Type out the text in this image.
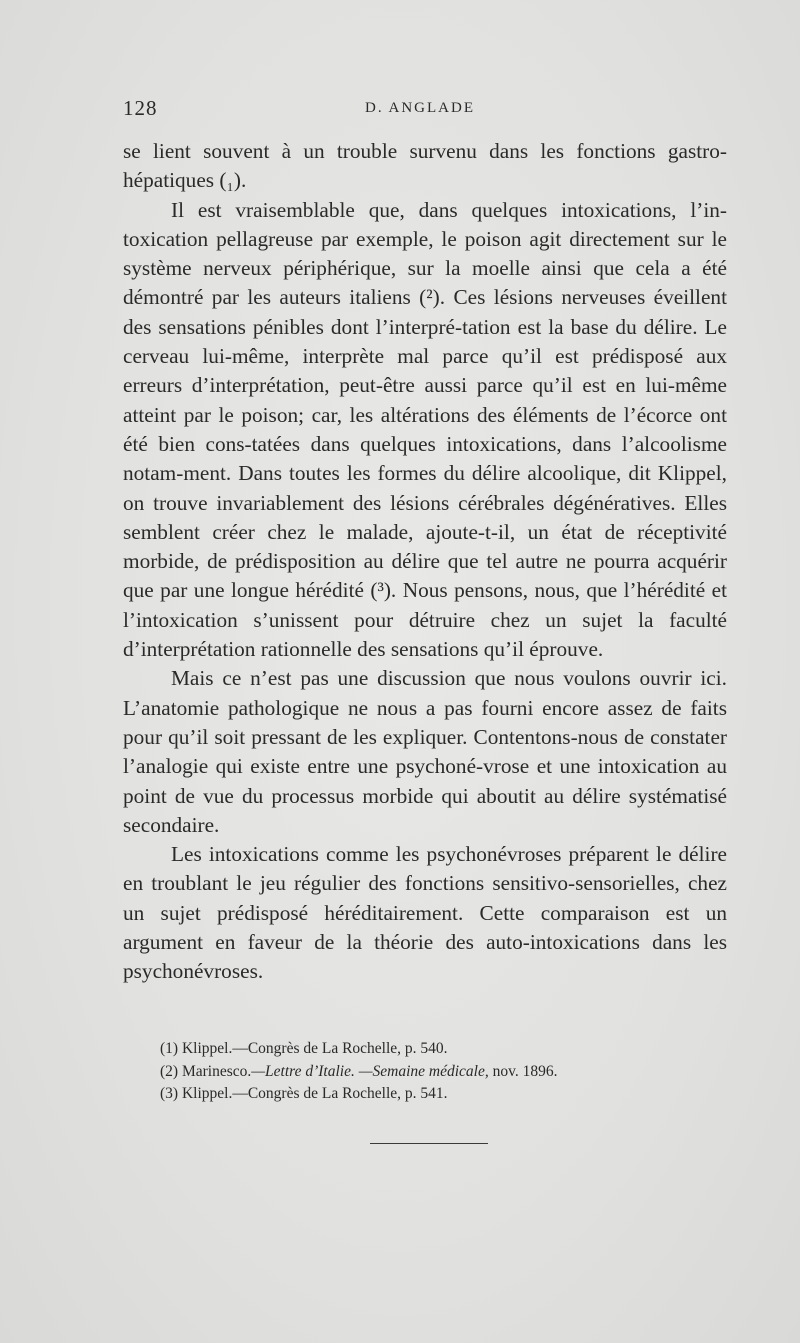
128	D. ANGLADE

se lient souvent à un trouble survenu dans les fonctions gastro-hépatiques (₁).

Il est vraisemblable que, dans quelques intoxications, l’in-toxication pellagreuse par exemple, le poison agit directement sur le système nerveux périphérique, sur la moelle ainsi que cela a été démontré par les auteurs italiens (²). Ces lésions nerveuses éveillent des sensations pénibles dont l’interpré-tation est la base du délire. Le cerveau lui-même, interprète mal parce qu’il est prédisposé aux erreurs d’interprétation, peut-être aussi parce qu’il est en lui-même atteint par le poison; car, les altérations des éléments de l’écorce ont été bien cons-tatées dans quelques intoxications, dans l’alcoolisme notam-ment. Dans toutes les formes du délire alcoolique, dit Klippel, on trouve invariablement des lésions cérébrales dégénératives. Elles semblent créer chez le malade, ajoute-t-il, un état de réceptivité morbide, de prédisposition au délire que tel autre ne pourra acquérir que par une longue hérédité (³). Nous pensons, nous, que l’hérédité et l’intoxication s’unissent pour détruire chez un sujet la faculté d’interprétation rationnelle des sensations qu’il éprouve.

Mais ce n’est pas une discussion que nous voulons ouvrir ici. L’anatomie pathologique ne nous a pas fourni encore assez de faits pour qu’il soit pressant de les expliquer. Contentons-nous de constater l’analogie qui existe entre une psychoné-vrose et une intoxication au point de vue du processus morbide qui aboutit au délire systématisé secondaire.

Les intoxications comme les psychonévroses préparent le délire en troublant le jeu régulier des fonctions sensitivo-sensorielles, chez un sujet prédisposé héréditairement. Cette comparaison est un argument en faveur de la théorie des auto-intoxications dans les psychonévroses.

(1) Klippel.—Congrès de La Rochelle, p. 540.

(2) Marinesco.—Lettre d’Italie. —Semaine médicale, nov. 1896.

(3) Klippel.—Congrès de La Rochelle, p. 541.
